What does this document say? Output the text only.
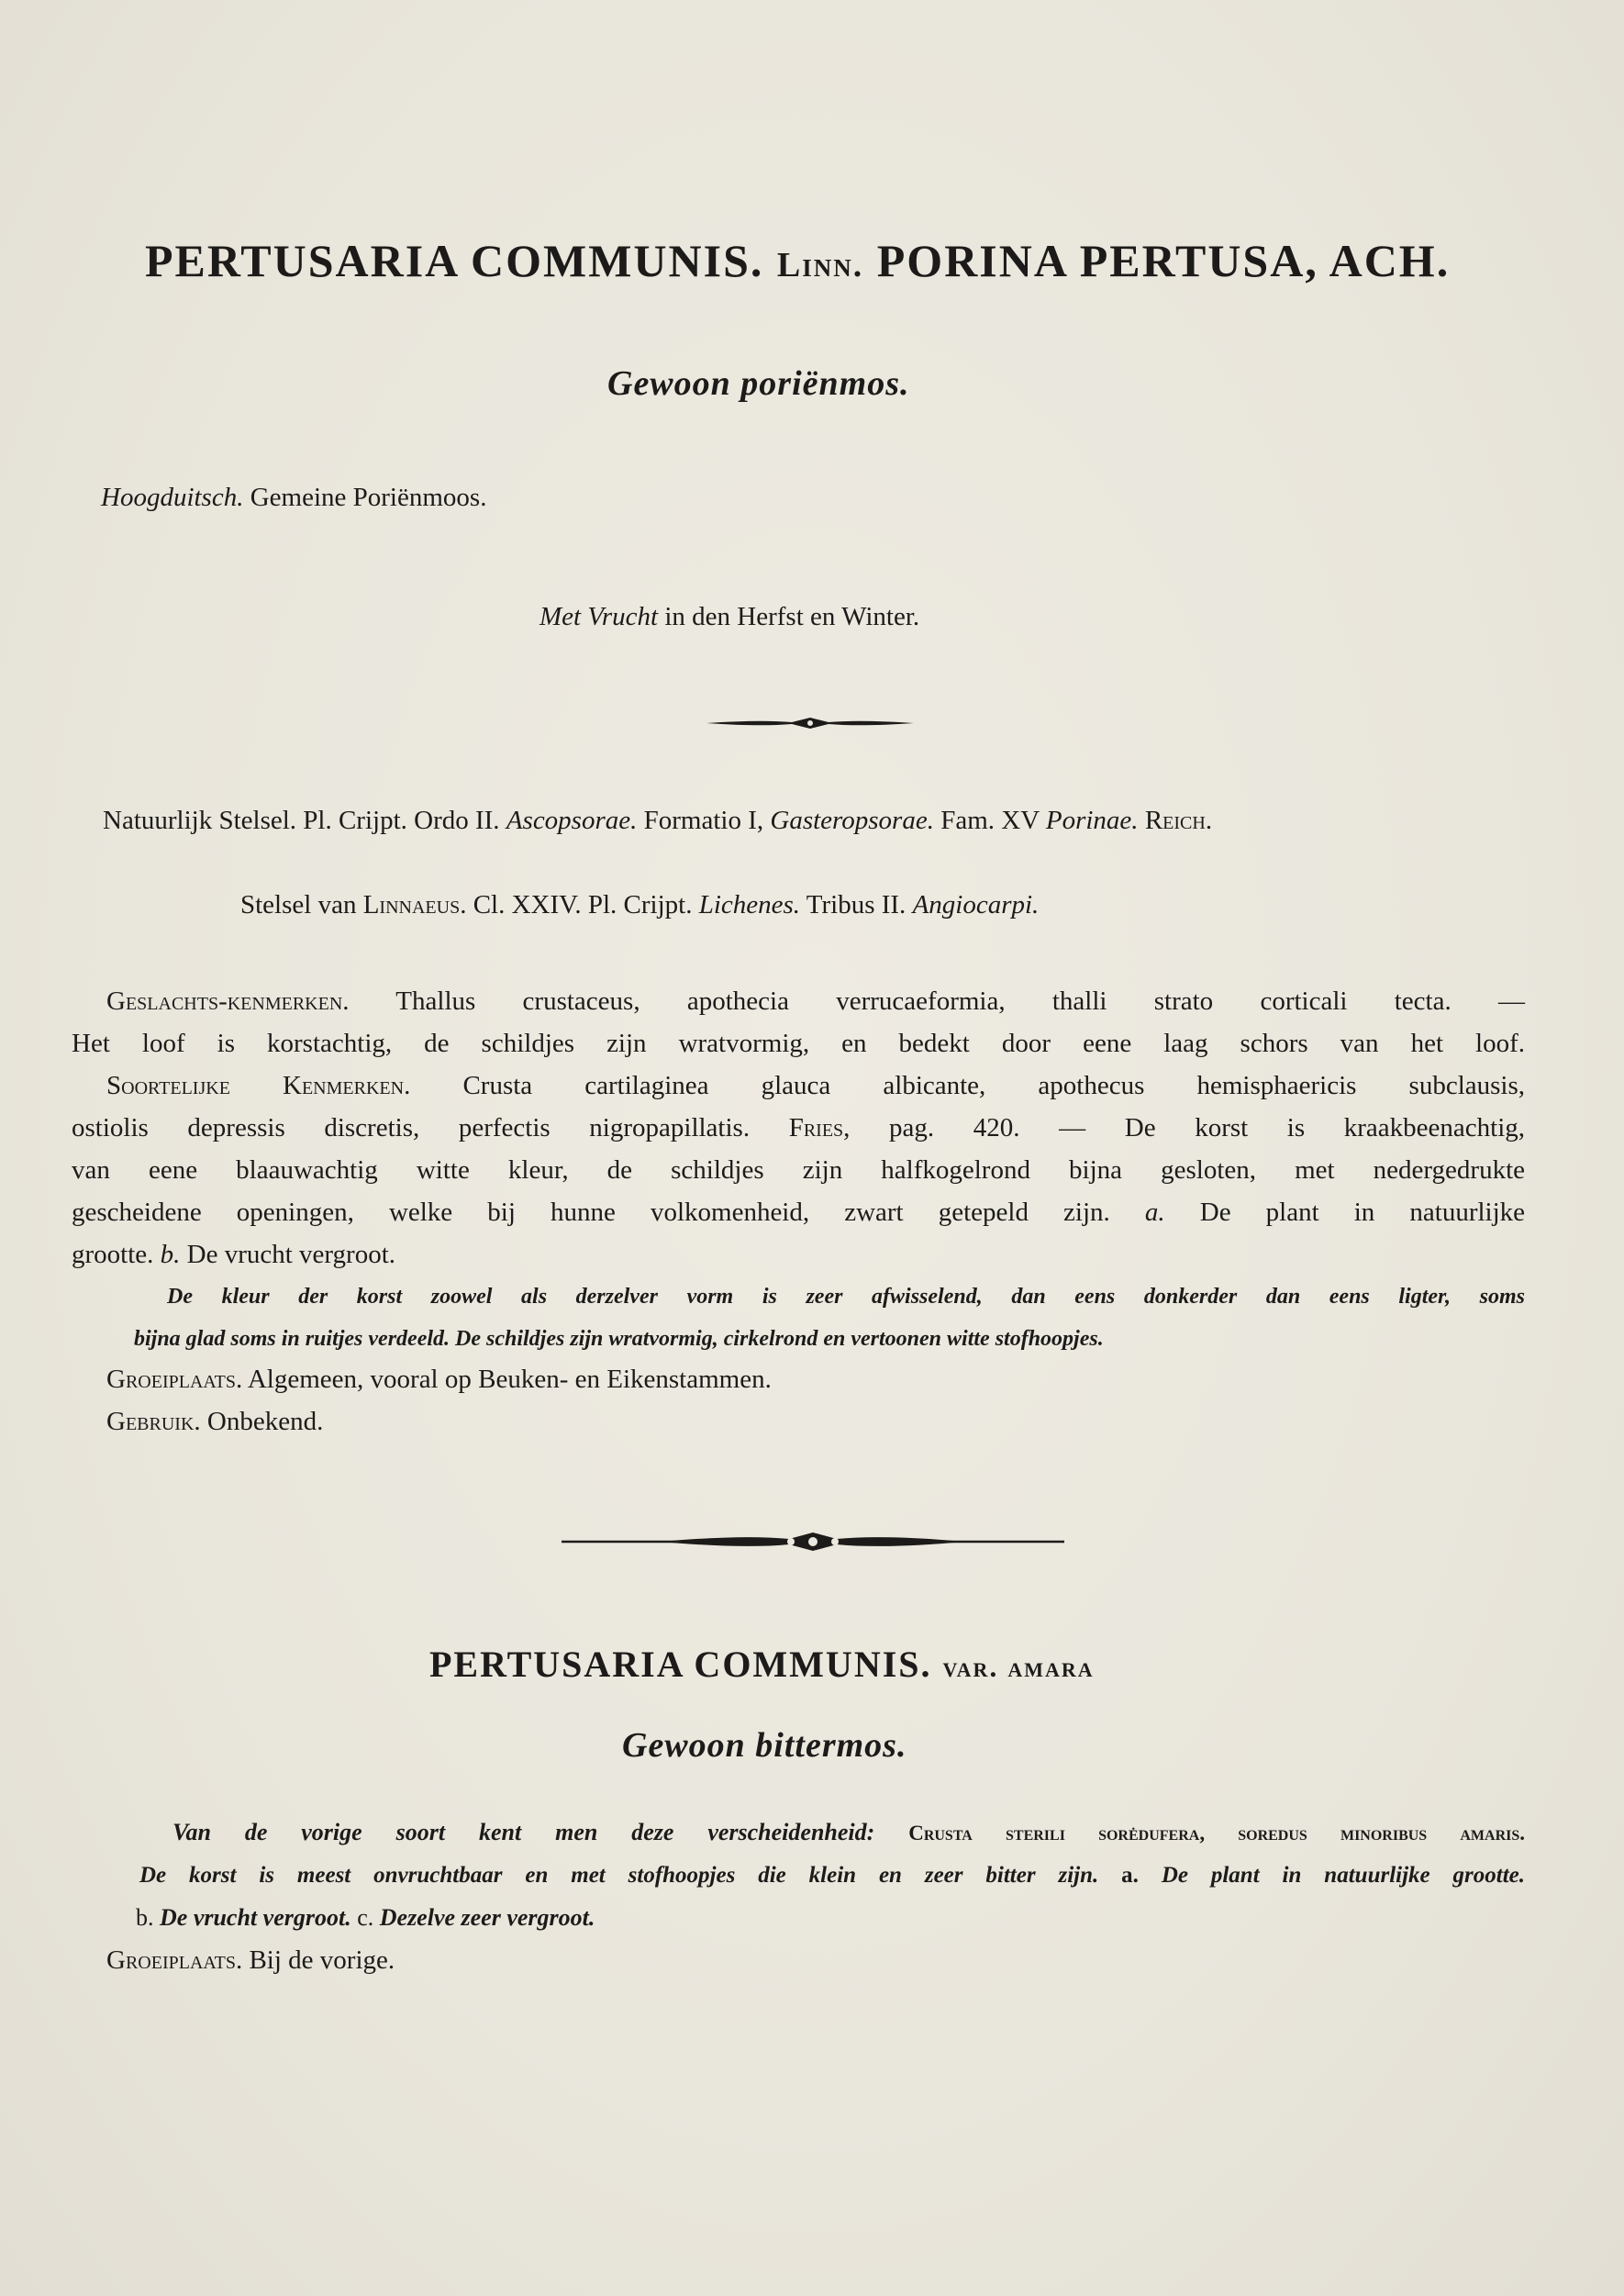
PERTUSARIA COMMUNIS. Linn. PORINA PERTUSA, ACH.
Gewoon poriënmos.
Hoogduitsch. Gemeine Poriënmoos.
Met Vrucht in den Herfst en Winter.
Natuurlijk Stelsel. Pl. Crijpt. Ordo II. Ascopsorae. Formatio I, Gasteropsorae. Fam. XV Porinae. Reich.
Stelsel van Linnaeus. Cl. XXIV. Pl. Crijpt. Lichenes. Tribus II. Angiocarpi.
Geslachts-kenmerken. Thallus crustaceus, apothecia verrucaeformia, thalli strato corticali tecta. —
Het loof is korstachtig, de schildjes zijn wratvormig, en bedekt door eene laag schors van het loof.
Soortelijke Kenmerken. Crusta cartilaginea glauca albicante, apothecus hemisphaericis subclausis,
ostiolis depressis discretis, perfectis nigropapillatis. Fries, pag. 420. — De korst is kraakbeenachtig,
van eene blaauwachtig witte kleur, de schildjes zijn halfkogelrond bijna gesloten, met nedergedrukte
gescheidene openingen, welke bij hunne volkomenheid, zwart getepeld zijn. a. De plant in natuurlijke
grootte. b. De vrucht vergroot.
De kleur der korst zoowel als derzelver vorm is zeer afwisselend, dan eens donkerder dan eens ligter, soms
bijna glad soms in ruitjes verdeeld. De schildjes zijn wratvormig, cirkelrond en vertoonen witte stofhoopjes.
Groeiplaats. Algemeen, vooral op Beuken- en Eikenstammen.
Gebruik. Onbekend.
PERTUSARIA COMMUNIS. var. amara
Gewoon bittermos.
Van de vorige soort kent men deze verscheidenheid: Crusta sterili sorėdufera, soredus minoribus amaris.
De korst is meest onvruchtbaar en met stofhoopjes die klein en zeer bitter zijn. a. De plant in natuurlijke grootte.
b. De vrucht vergroot. c. Dezelve zeer vergroot.
Groeiplaats. Bij de vorige.
